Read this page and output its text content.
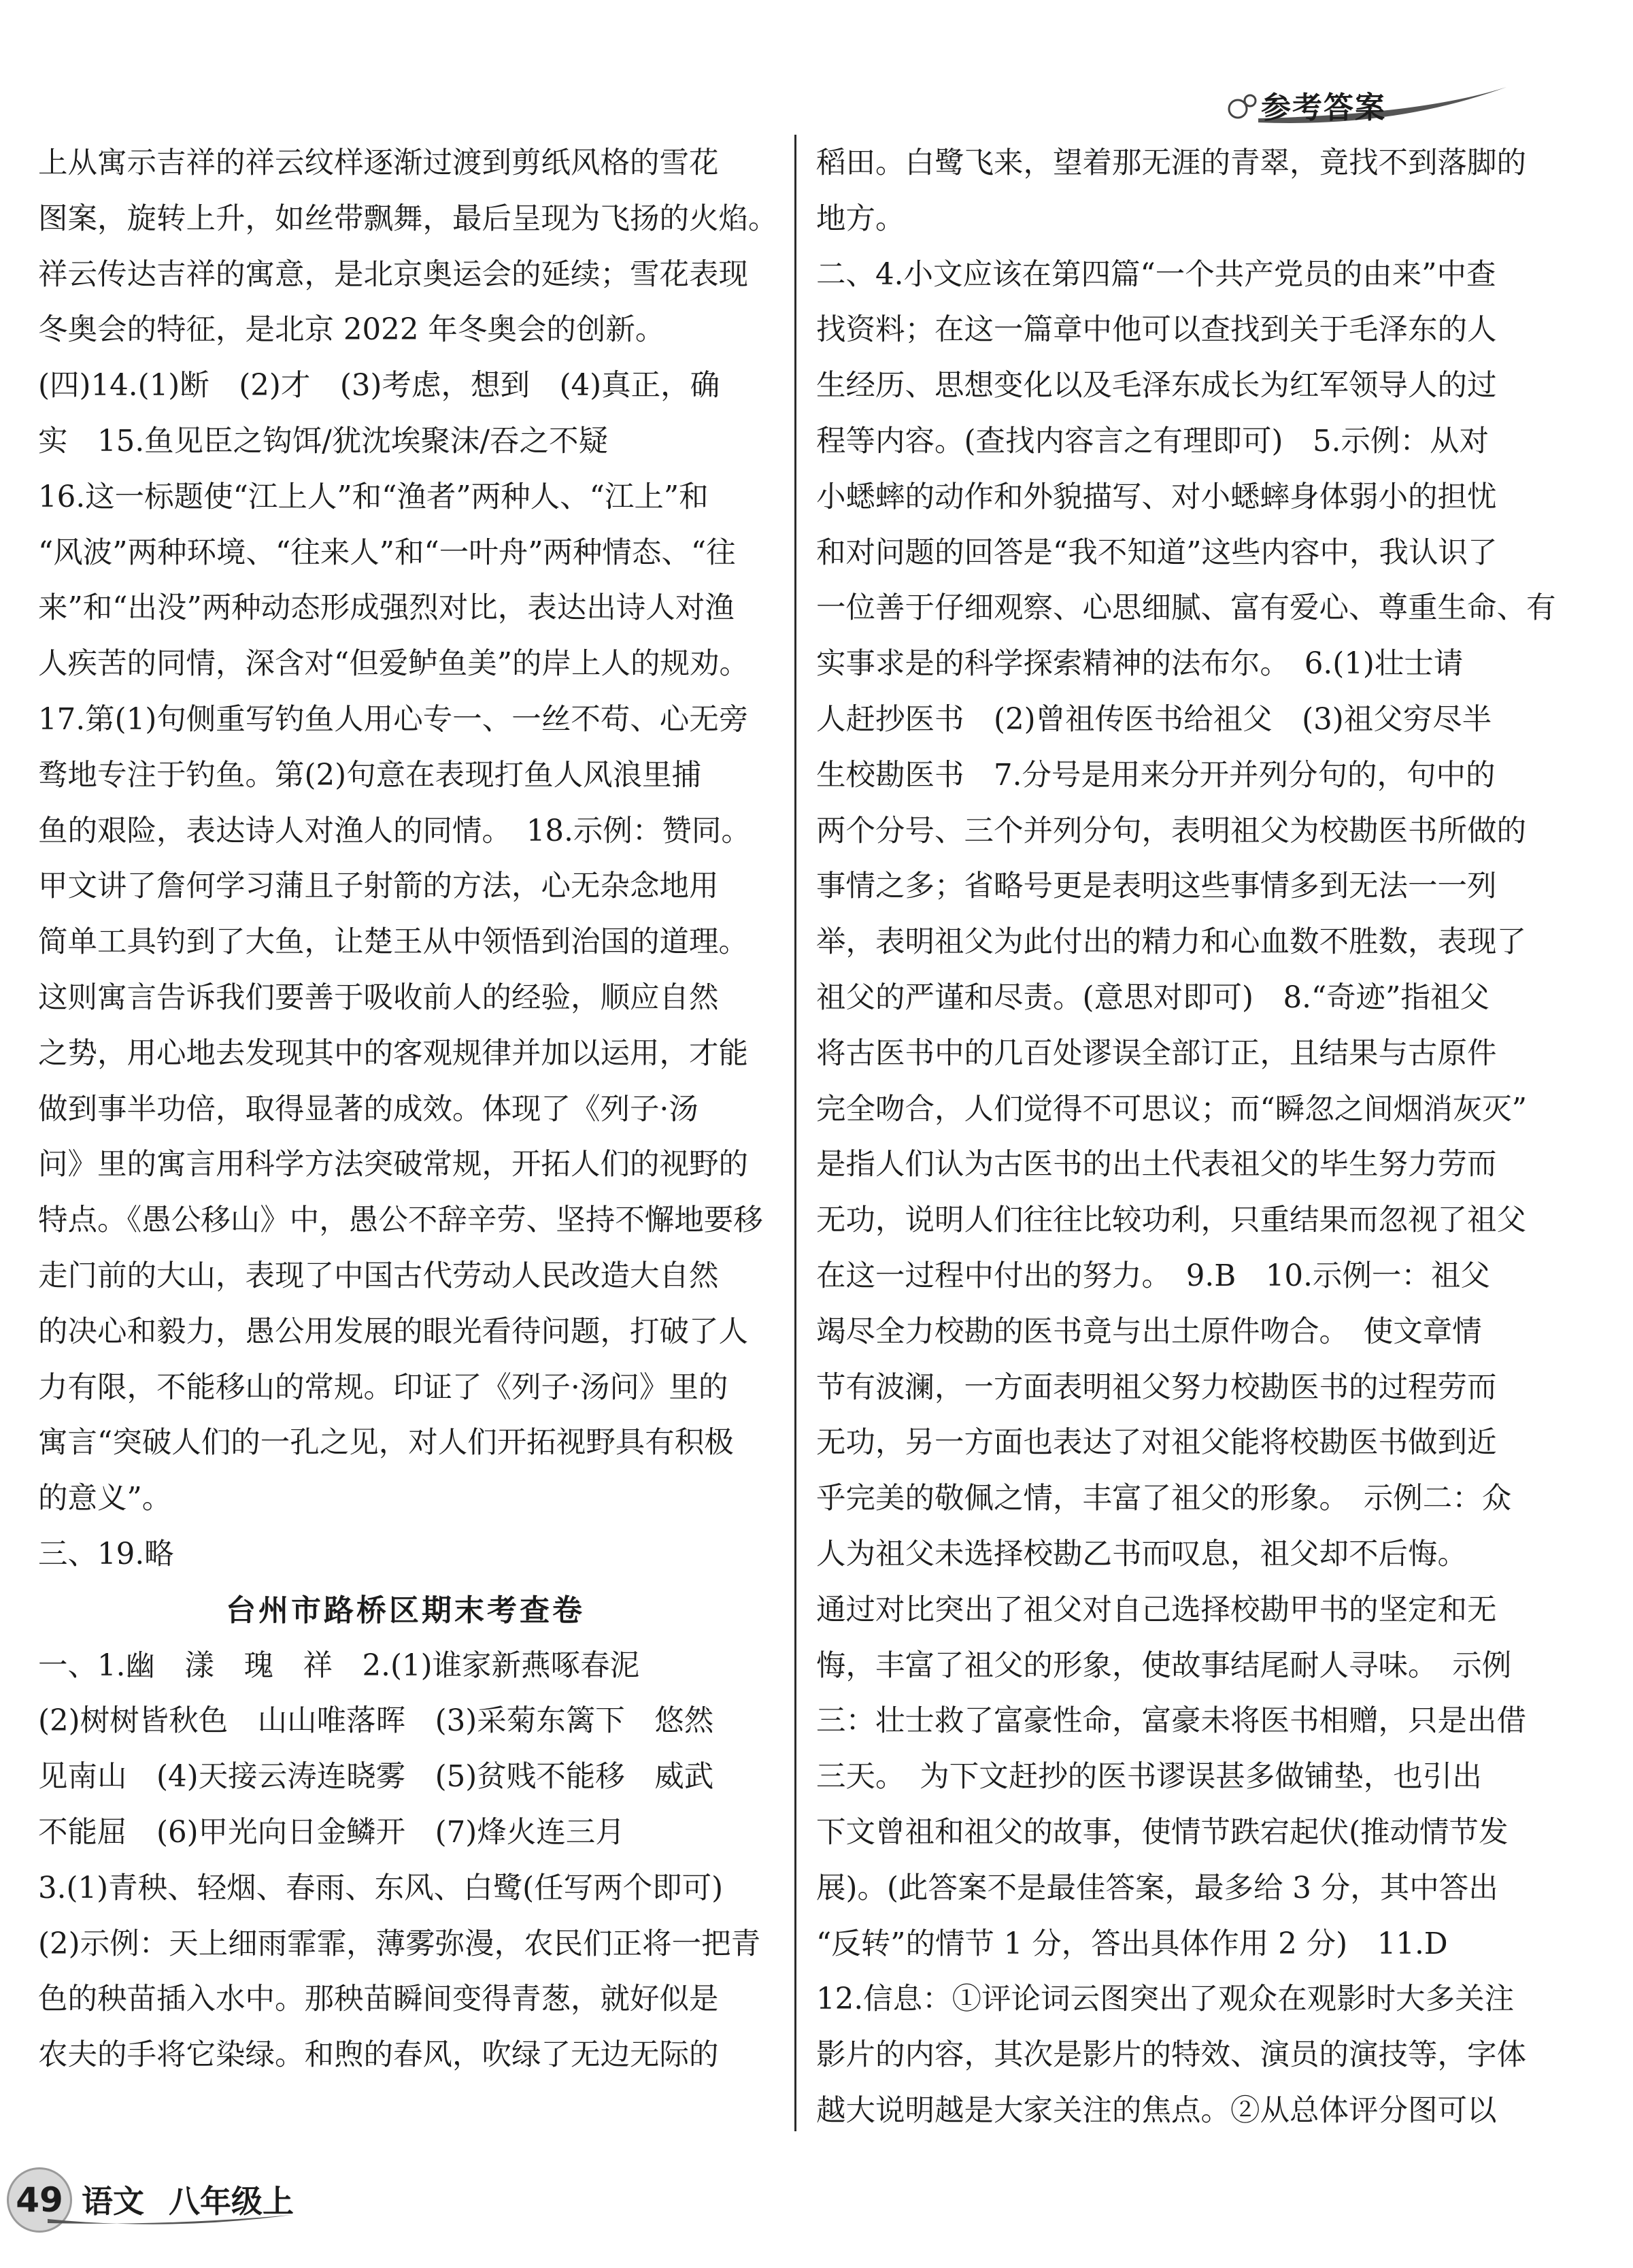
参考答案
上从寓示吉祥的祥云纹样逐渐过渡到剪纸风格的雪花
图案，旋转上升，如丝带飘舞，最后呈现为飞扬的火焰。
祥云传达吉祥的寓意，是北京奥运会的延续；雪花表现
冬奥会的特征，是北京 2022 年冬奥会的创新。
(四)14.(1)断　(2)才　(3)考虑，想到　(4)真正，确
实　15.鱼见臣之钩饵/犹沈埃聚沫/吞之不疑
16.这一标题使“江上人”和“渔者”两种人、“江上”和
“风波”两种环境、“往来人”和“一叶舟”两种情态、“往
来”和“出没”两种动态形成强烈对比，表达出诗人对渔
人疾苦的同情，深含对“但爱鲈鱼美”的岸上人的规劝。
17.第(1)句侧重写钓鱼人用心专一、一丝不苟、心无旁
骛地专注于钓鱼。第(2)句意在表现打鱼人风浪里捕
鱼的艰险，表达诗人对渔人的同情。　18.示例：赞同。
甲文讲了詹何学习蒲且子射箭的方法，心无杂念地用
简单工具钓到了大鱼，让楚王从中领悟到治国的道理。
这则寓言告诉我们要善于吸收前人的经验，顺应自然
之势，用心地去发现其中的客观规律并加以运用，才能
做到事半功倍，取得显著的成效。体现了《列子·汤
问》里的寓言用科学方法突破常规，开拓人们的视野的
特点。《愚公移山》中，愚公不辞辛劳、坚持不懈地要移
走门前的大山，表现了中国古代劳动人民改造大自然
的决心和毅力，愚公用发展的眼光看待问题，打破了人
力有限，不能移山的常规。印证了《列子·汤问》里的
寓言“突破人们的一孔之见，对人们开拓视野具有积极
的意义”。
三、19.略
台州市路桥区期末考查卷
一、1.幽　漾　瑰　祥　2.(1)谁家新燕啄春泥
(2)树树皆秋色　山山唯落晖　(3)采菊东篱下　悠然
见南山　(4)天接云涛连晓雾　(5)贫贱不能移　威武
不能屈　(6)甲光向日金鳞开　(7)烽火连三月
3.(1)青秧、轻烟、春雨、东风、白鹭(任写两个即可)
(2)示例：天上细雨霏霏，薄雾弥漫，农民们正将一把青
色的秧苗插入水中。那秧苗瞬间变得青葱，就好似是
农夫的手将它染绿。和煦的春风，吹绿了无边无际的
稻田。白鹭飞来，望着那无涯的青翠，竟找不到落脚的
地方。
二、4.小文应该在第四篇“一个共产党员的由来”中查
找资料；在这一篇章中他可以查找到关于毛泽东的人
生经历、思想变化以及毛泽东成长为红军领导人的过
程等内容。(查找内容言之有理即可)　5.示例：从对
小蟋蟀的动作和外貌描写、对小蟋蟀身体弱小的担忧
和对问题的回答是“我不知道”这些内容中，我认识了
一位善于仔细观察、心思细腻、富有爱心、尊重生命、有
实事求是的科学探索精神的法布尔。　6.(1)壮士请
人赶抄医书　(2)曾祖传医书给祖父　(3)祖父穷尽半
生校勘医书　7.分号是用来分开并列分句的，句中的
两个分号、三个并列分句，表明祖父为校勘医书所做的
事情之多；省略号更是表明这些事情多到无法一一列
举，表明祖父为此付出的精力和心血数不胜数，表现了
祖父的严谨和尽责。(意思对即可)　8.“奇迹”指祖父
将古医书中的几百处谬误全部订正，且结果与古原件
完全吻合，人们觉得不可思议；而“瞬忽之间烟消灰灭”
是指人们认为古医书的出土代表祖父的毕生努力劳而
无功，说明人们往往比较功利，只重结果而忽视了祖父
在这一过程中付出的努力。　9.B　10.示例一：祖父
竭尽全力校勘的医书竟与出土原件吻合。　使文章情
节有波澜，一方面表明祖父努力校勘医书的过程劳而
无功，另一方面也表达了对祖父能将校勘医书做到近
乎完美的敬佩之情，丰富了祖父的形象。　示例二：众
人为祖父未选择校勘乙书而叹息，祖父却不后悔。
通过对比突出了祖父对自己选择校勘甲书的坚定和无
悔，丰富了祖父的形象，使故事结尾耐人寻味。　示例
三：壮士救了富豪性命，富豪未将医书相赠，只是出借
三天。　为下文赶抄的医书谬误甚多做铺垫，也引出
下文曾祖和祖父的故事，使情节跌宕起伏(推动情节发
展)。(此答案不是最佳答案，最多给 3 分，其中答出
“反转”的情节 1 分，答出具体作用 2 分)　11.D
12.信息：①评论词云图突出了观众在观影时大多关注
影片的内容，其次是影片的特效、演员的演技等，字体
越大说明越是大家关注的焦点。②从总体评分图可以
49 语文 八年级上
